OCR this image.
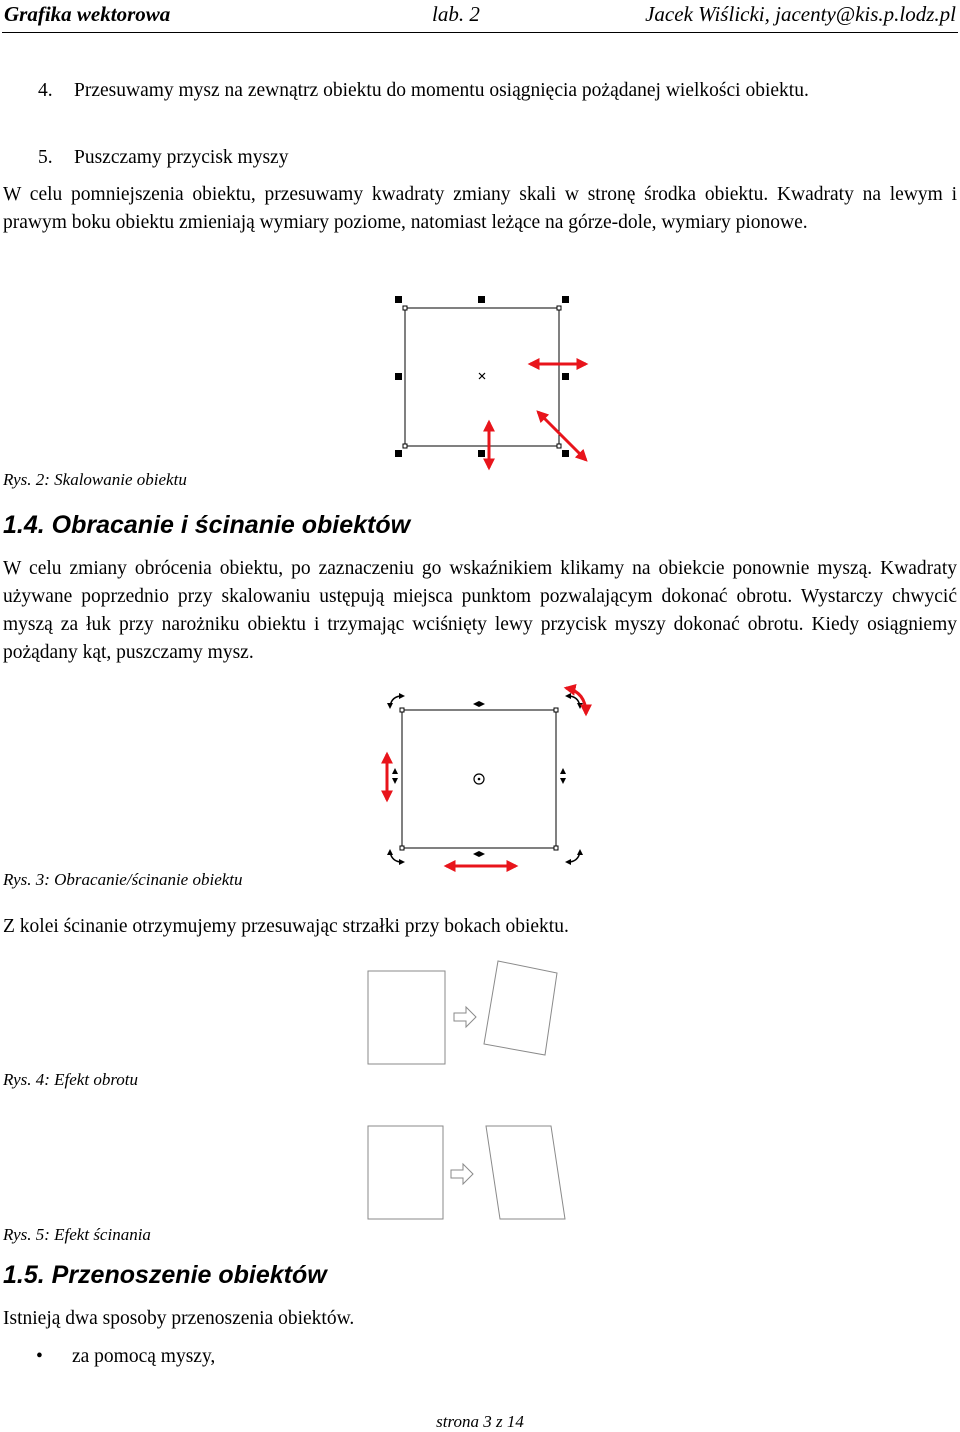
Grafika wektorowa	lab. 2	Jacek Wiślicki, jacenty@kis.p.lodz.pl
4. Przesuwamy mysz na zewnątrz obiektu do momentu osiągnięcia pożądanej wielkości obiektu.
5. Puszczamy przycisk myszy
W celu pomniejszenia obiektu, przesuwamy kwadraty zmiany skali w stronę środka obiektu. Kwadraty na lewym i prawym boku obiektu zmieniają wymiary poziome, natomiast leżące na górze-dole, wymiary pionowe.
Rys. 2: Skalowanie obiektu
1.4. Obracanie i ścinanie obiektów
W celu zmiany obrócenia obiektu, po zaznaczeniu go wskaźnikiem klikamy na obiekcie ponownie myszą. Kwadraty używane poprzednio przy skalowaniu ustępują miejsca punktom pozwalającym dokonać obrotu. Wystarczy chwycić myszą za łuk przy narożniku obiektu i trzymając wciśnięty lewy przycisk myszy dokonać obrotu. Kiedy osiągniemy pożądany kąt, puszczamy mysz.
Rys. 3: Obracanie/ścinanie obiektu
Z kolei ścinanie otrzymujemy przesuwając strzałki przy bokach obiektu.
Rys. 4: Efekt obrotu
Rys. 5: Efekt ścinania
1.5. Przenoszenie obiektów
Istnieją dwa sposoby przenoszenia obiektów.
• za pomocą myszy,
strona 3 z 14
